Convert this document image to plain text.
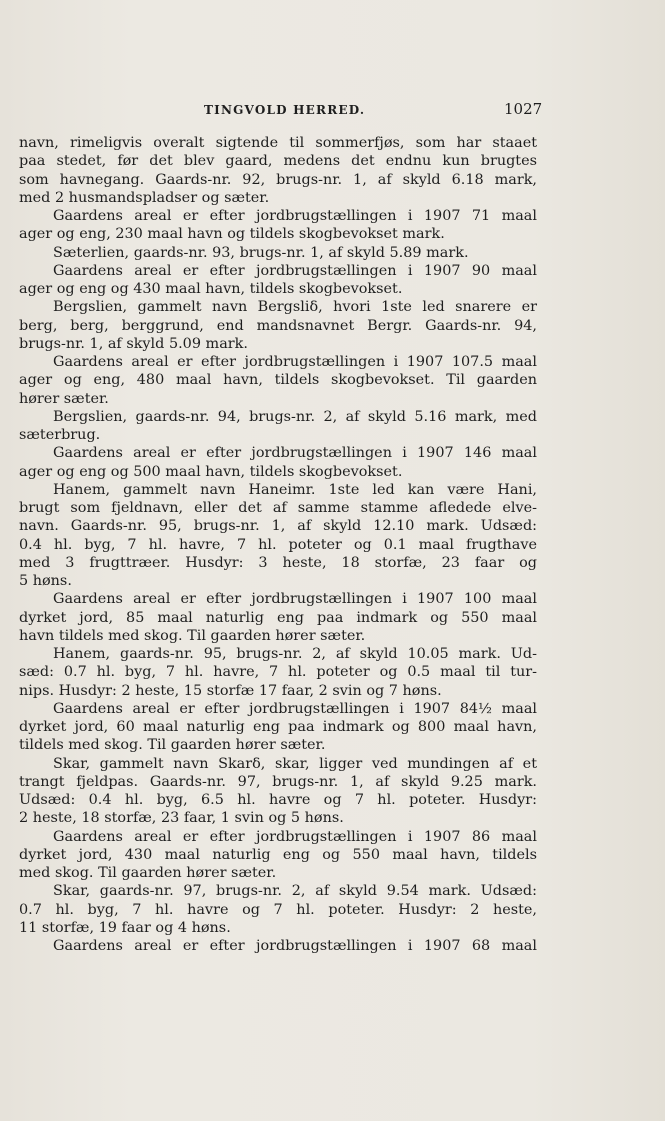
TINGVOLD HERRED.	1027
navn, rimeligvis overalt sigtende til sommerfjøs, som har staaet
paa stedet, før det blev gaard, medens det endnu kun brugtes
som havnegang. Gaards-nr. 92, brugs-nr. 1, af skyld 6.18 mark,
med 2 husmandspladser og sæter.
Gaardens areal er efter jordbrugstællingen i 1907 71 maal
ager og eng, 230 maal havn og tildels skogbevokset mark.
Sæterlien, gaards-nr. 93, brugs-nr. 1, af skyld 5.89 mark.
Gaardens areal er efter jordbrugstællingen i 1907 90 maal
ager og eng og 430 maal havn, tildels skogbevokset.
Bergslien, gammelt navn Bergsliδ, hvori 1ste led snarere er
berg, berg, berggrund, end mandsnavnet Bergr. Gaards-nr. 94,
brugs-nr. 1, af skyld 5.09 mark.
Gaardens areal er efter jordbrugstællingen i 1907 107.5 maal
ager og eng, 480 maal havn, tildels skogbevokset. Til gaarden
hører sæter.
Bergslien, gaards-nr. 94, brugs-nr. 2, af skyld 5.16 mark, med
sæterbrug.
Gaardens areal er efter jordbrugstællingen i 1907 146 maal
ager og eng og 500 maal havn, tildels skogbevokset.
Hanem, gammelt navn Haneimr. 1ste led kan være Hani,
brugt som fjeldnavn, eller det af samme stamme afledede elve-
navn. Gaards-nr. 95, brugs-nr. 1, af skyld 12.10 mark. Udsæd:
0.4 hl. byg, 7 hl. havre, 7 hl. poteter og 0.1 maal frugthave
med 3 frugttræer. Husdyr: 3 heste, 18 storfæ, 23 faar og
5 høns.
Gaardens areal er efter jordbrugstællingen i 1907 100 maal
dyrket jord, 85 maal naturlig eng paa indmark og 550 maal
havn tildels med skog. Til gaarden hører sæter.
Hanem, gaards-nr. 95, brugs-nr. 2, af skyld 10.05 mark. Ud-
sæd: 0.7 hl. byg, 7 hl. havre, 7 hl. poteter og 0.5 maal til tur-
nips. Husdyr: 2 heste, 15 storfæ 17 faar, 2 svin og 7 høns.
Gaardens areal er efter jordbrugstællingen i 1907 84½ maal
dyrket jord, 60 maal naturlig eng paa indmark og 800 maal havn,
tildels med skog. Til gaarden hører sæter.
Skar, gammelt navn Skarδ, skar, ligger ved mundingen af et
trangt fjeldpas. Gaards-nr. 97, brugs-nr. 1, af skyld 9.25 mark.
Udsæd: 0.4 hl. byg, 6.5 hl. havre og 7 hl. poteter. Husdyr:
2 heste, 18 storfæ, 23 faar, 1 svin og 5 høns.
Gaardens areal er efter jordbrugstællingen i 1907 86 maal
dyrket jord, 430 maal naturlig eng og 550 maal havn, tildels
med skog. Til gaarden hører sæter.
Skar, gaards-nr. 97, brugs-nr. 2, af skyld 9.54 mark. Udsæd:
0.7 hl. byg, 7 hl. havre og 7 hl. poteter. Husdyr: 2 heste,
11 storfæ, 19 faar og 4 høns.
Gaardens areal er efter jordbrugstællingen i 1907 68 maal
